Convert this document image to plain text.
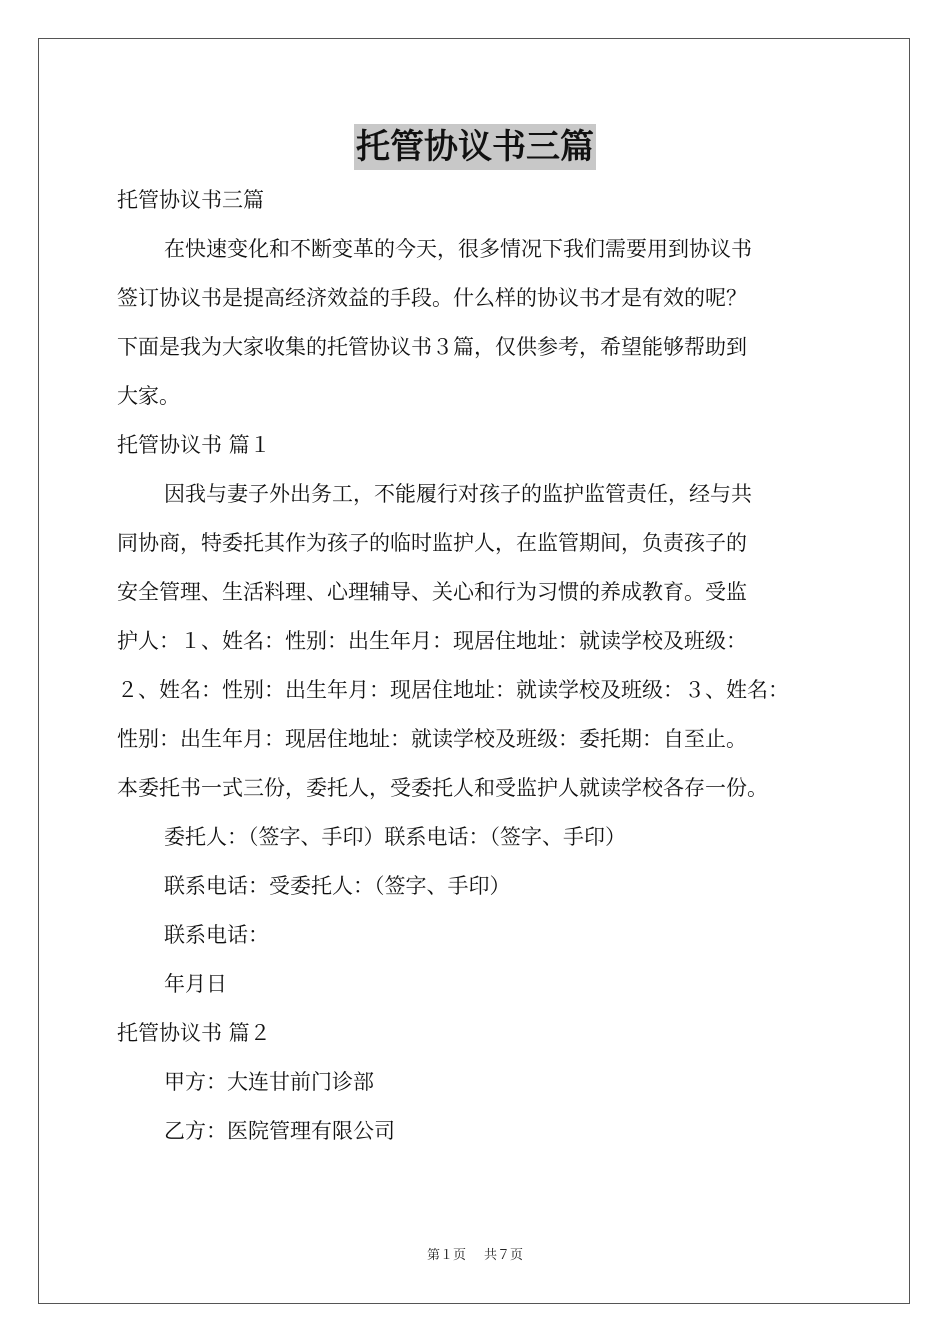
托管协议书三篇
托管协议书三篇
在快速变化和不断变革的今天，很多情况下我们需要用到协议书
签订协议书是提高经济效益的手段。什么样的协议书才是有效的呢？
下面是我为大家收集的托管协议书３篇，仅供参考，希望能够帮助到
大家。
托管协议书 篇１
因我与妻子外出务工，不能履行对孩子的监护监管责任，经与共
同协商，特委托其作为孩子的临时监护人，在监管期间，负责孩子的
安全管理、生活料理、心理辅导、关心和行为习惯的养成教育。受监
护人：１、姓名：性别：出生年月：现居住地址：就读学校及班级：
２、姓名：性别：出生年月：现居住地址：就读学校及班级：３、姓名：
性别：出生年月：现居住地址：就读学校及班级：委托期：自至止。
本委托书一式三份，委托人，受委托人和受监护人就读学校各存一份。
委托人：（签字、手印）联系电话：（签字、手印）
联系电话：受委托人：（签字、手印）
联系电话：
年月日
托管协议书 篇２
甲方：大连甘前门诊部
乙方：医院管理有限公司
第１页 共７页
